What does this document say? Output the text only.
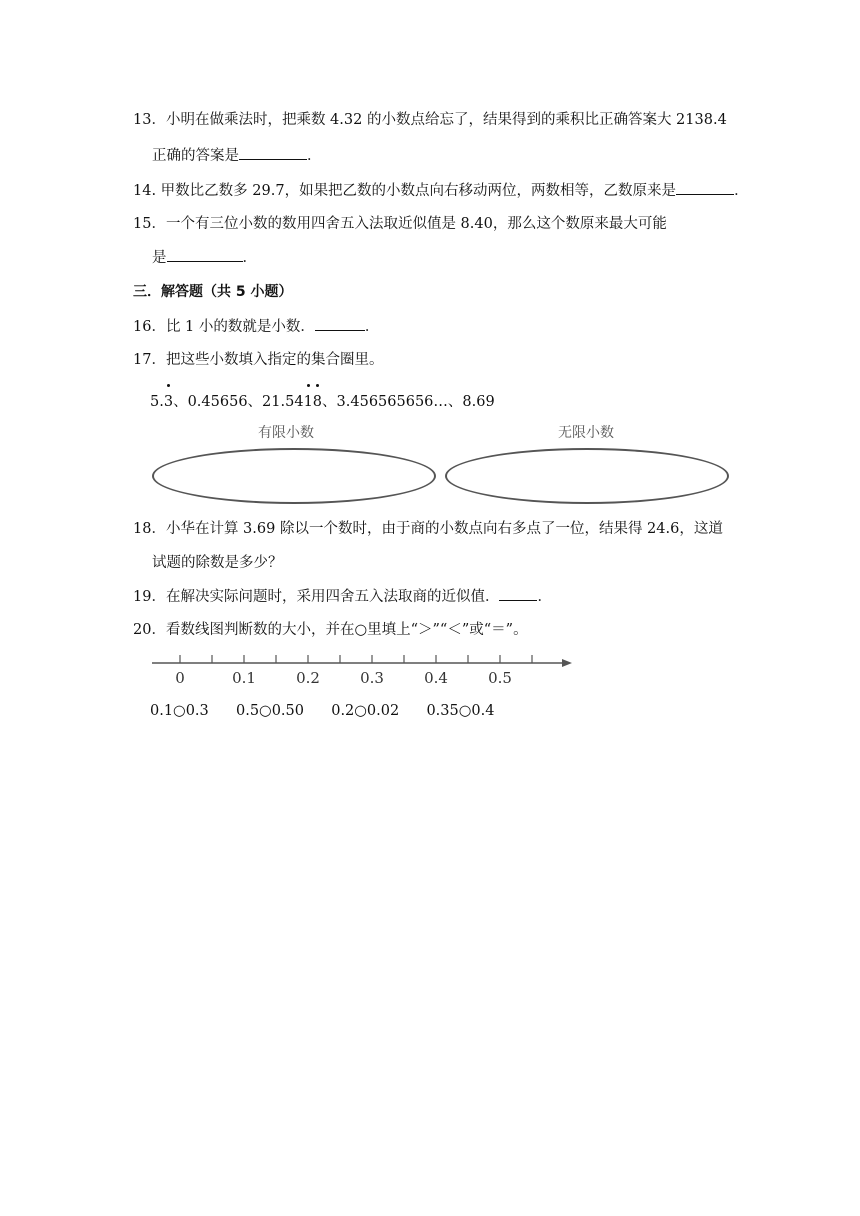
13．小明在做乘法时，把乘数 4.32 的小数点给忘了，结果得到的乘积比正确答案大 2138.4
正确的答案是	．
14. 甲数比乙数多 29.7，如果把乙数的小数点向右移动两位，两数相等，乙数原来是	．
15．一个有三位小数的数用四舍五入法取近似值是 8.40，那么这个数原来最大可能
是	．
三．解答题（共 5 小题）
16．比 1 小的数就是小数．	．
17．把这些小数填入指定的集合圈里。
5.
3、0.45656、21.54
1
8、3.456565656…、8.69
有限小数	无限小数
18．小华在计算 3.69 除以一个数时，由于商的小数点向右多点了一位，结果得 24.6，这道
试题的除数是多少？
19．在解决实际问题时，采用四舍五入法取商的近似值．	．
20．看数线图判断数的大小，并在○里填上“＞”“＜”或“＝”。
0	0.1	0.2	0.3	0.4	0.5
0.1○0.3 0.5○0.50 0.2○0.02 0.35○0.4
